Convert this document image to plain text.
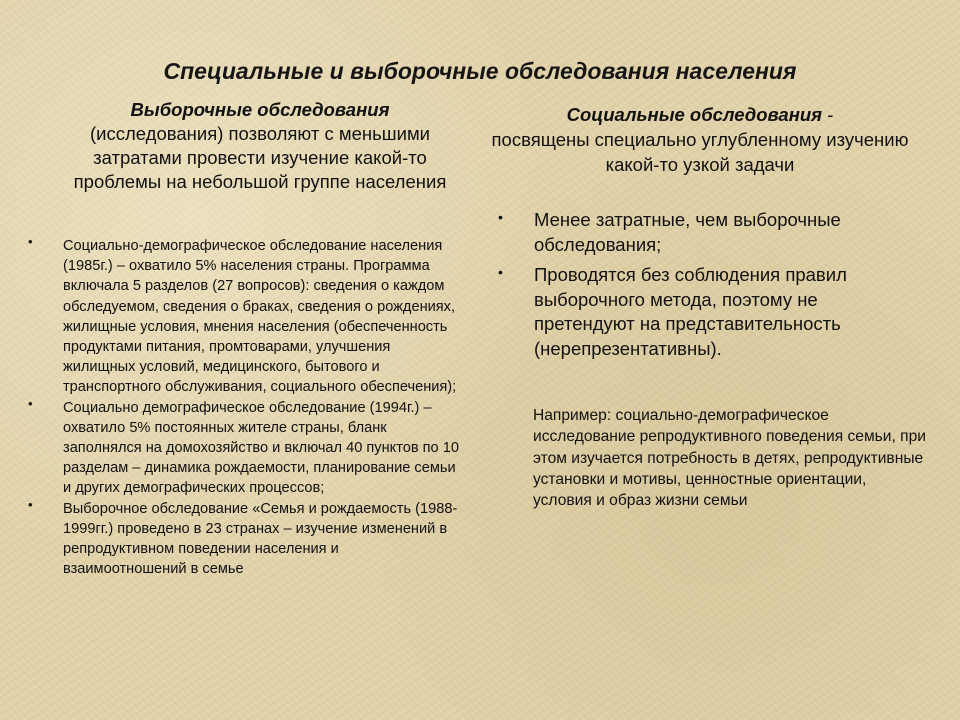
Специальные и выборочные обследования населения
Выборочные обследования
(исследования) позволяют с меньшими затратами провести изучение какой-то проблемы на небольшой группе населения
Социальные обследования -
посвящены специально углубленному изучению какой-то узкой задачи
• Социально-демографическое обследование населения (1985г.) – охватило 5% населения страны. Программа включала 5 разделов (27 вопросов): сведения о каждом обследуемом, сведения о браках, сведения о рождениях, жилищные условия, мнения населения (обеспеченность продуктами питания, промтоварами, улучшения жилищных условий, медицинского, бытового и транспортного обслуживания, социального обеспечения);
• Социально демографическое обследование (1994г.) – охватило 5% постоянных жителе страны, бланк заполнялся на домохозяйство и включал 40 пунктов по 10 разделам – динамика рождаемости, планирование семьи и других демографических процессов;
• Выборочное обследование «Семья и рождаемость (1988-1999гг.) проведено в 23 странах – изучение изменений в репродуктивном поведении населения и взаимоотношений в семье
• Менее затратные, чем выборочные обследования;
• Проводятся без соблюдения правил выборочного метода, поэтому не претендуют на представительность (нерепрезентативны).
Например: социально-демографическое исследование репродуктивного поведения семьи, при этом изучается потребность в детях, репродуктивные установки и мотивы, ценностные ориентации, условия и образ жизни семьи
